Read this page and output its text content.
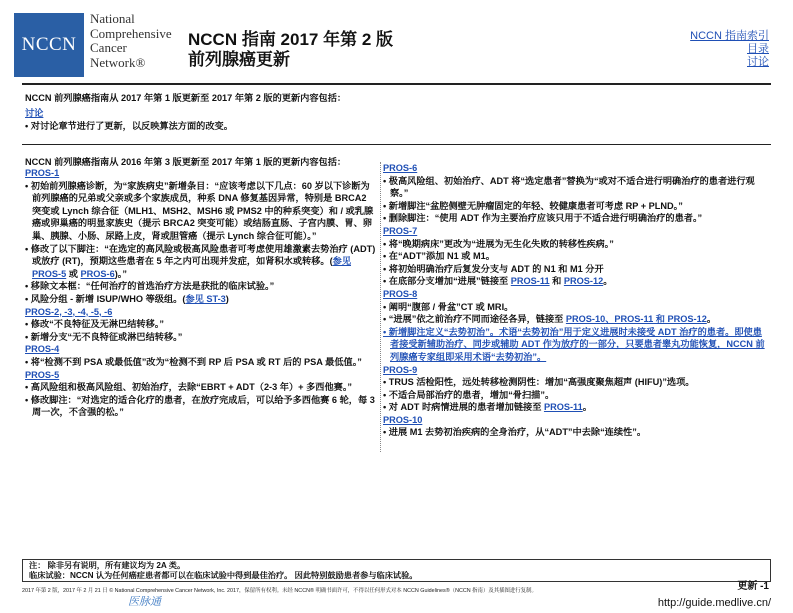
NCCN
National
Comprehensive
Cancer
Network®
NCCN 指南 2017 年第 2 版
前列腺癌更新
NCCN 指南索引
目录
讨论
NCCN 前列腺癌指南从 2017 年第 1 版更新至 2017 年第 2 版的更新内容包括：
讨论
• 对讨论章节进行了更新，以反映算法方面的改变。
NCCN 前列腺癌指南从 2016 年第 3 版更新至 2017 年第 1 版的更新内容包括：
PROS-1
• 初始前列腺癌诊断，为“家族病史”新增条目：“应该考虑以下几点：60 岁以下诊断为前列腺癌的兄弟或父亲或多个家族成员，种系 DNA 修复基因异常，特别是 BRCA2 突变或 Lynch 综合征（MLH1、MSH2、MSH6 或 PMS2 中的种系突变）和 / 或乳腺癌或卵巢癌的明显家族史（提示 BRCA2 突变可能）或结肠直肠、子宫内膜、胃、卵巢、胰腺、小肠、尿路上皮，肾或胆管癌（提示 Lynch 综合征可能）。”
• 修改了以下脚注：“在选定的高风险或极高风险患者可考虑使用雄激素去势治疗 (ADT) 或放疗 (RT)，预期这些患者在 5 年之内可出现并发症，如肾积水或转移。(参见 PROS-5 或 PROS-6)。”
• 移除文本框：“任何治疗的首选治疗方法是获批的临床试验。”
• 风险分组 - 新增 ISUP/WHO 等级组。(参见 ST-3)
PROS-2, -3, -4, -5, -6
• 修改“不良特征及无淋巴结转移。”
• 新增分支“无不良特征或淋巴结转移。”
PROS-4
• 将“检测不到 PSA 或最低值”改为“检测不到 RP 后 PSA 或 RT 后的 PSA 最低值。”
PROS-5
• 高风险组和极高风险组、初始治疗，去除“EBRT + ADT（2-3 年）+ 多西他赛。”
• 修改脚注：“对选定的适合化疗的患者，在放疗完成后，可以给予多西他赛 6 轮，每 3 周一次，不含强的松。”
PROS-6
• 极高风险组、初始治疗、ADT 将“选定患者”替换为“或对不适合进行明确治疗的患者进行观察。”
• 新增脚注“盆腔侧壁无肿瘤固定的年轻、较健康患者可考虑 RP + PLND。”
• 删除脚注：“使用 ADT 作为主要治疗应该只用于不适合进行明确治疗的患者。”
PROS-7
• 将“晚期病床”更改为“进展为无生化失败的转移性疾病。”
• 在“ADT”添加 N1 或 M1。
• 将初始明确治疗后复发分支与 ADT 的 N1 和 M1 分开
• 在底部分支增加“进展”链接至 PROS-11 和 PROS-12。
PROS-8
• 阐明“腹部 / 骨盆”CT 或 MRI。
• “进展”依之前治疗不同而途径各异，链接至 PROS-10、PROS-11 和 PROS-12。
• 新增脚注定义“去势初治”。术语“去势初治”用于定义进展时未接受 ADT 治疗的患者。即使患者接受新辅助治疗、同步或辅助 ADT 作为放疗的一部分，只要患者睾丸功能恢复，NCCN 前列腺癌专家组即采用术语“去势初治”。
PROS-9
• TRUS 活检阳性，远处转移检测阴性：增加“高强度聚焦超声 (HIFU)”选项。
• 不适合局部治疗的患者，增加“骨扫描”。
• 对 ADT 时病情进展的患者增加链接至 PROS-11。
PROS-10
• 进展 M1 去势初治疾病的全身治疗，从“ADT”中去除“连续性”。
注： 除非另有说明，所有建议均为 2A 类。
临床试验：NCCN 认为任何癌症患者都可以在临床试验中得到最佳治疗。 因此特别鼓励患者参与临床试验。
更新 -1
2017 年第 2 版，2017 年 2 月 21 日 © National Comprehensive Cancer Network, Inc. 2017，保留所有权利。未经 NCCN® 明确书面许可，不得以任何形式对本 NCCN Guidelines®（NCCN 指南）及其插图进行复制。
医脉通	http://guide.medlive.cn/
